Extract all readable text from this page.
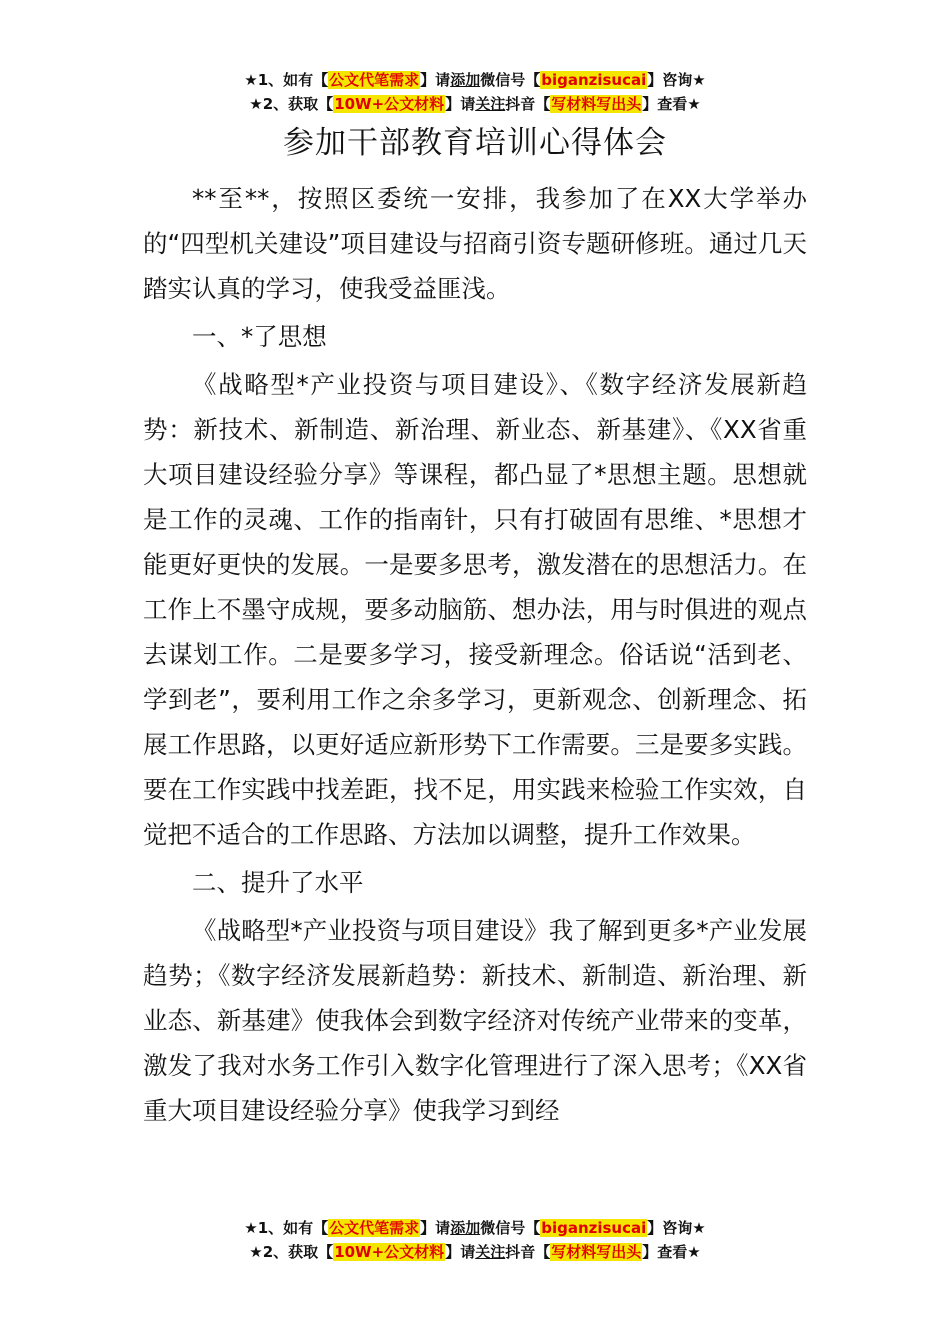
★1、如有【公文代笔需求】请添加微信号【biganzisucai】咨询★
★2、获取【10W+公文材料】请关注抖音【写材料写出头】查看★
参加干部教育培训心得体会

**至**，按照区委统一安排，我参加了在XX大学举办的“四型机关建设”项目建设与招商引资专题研修班。通过几天踏实认真的学习，使我受益匪浅。

一、*了思想

《战略型*产业投资与项目建设》、《数字经济发展新趋势：新技术、新制造、新治理、新业态、新基建》、《XX省重大项目建设经验分享》等课程，都凸显了*思想主题。思想就是工作的灵魂、工作的指南针，只有打破固有思维、*思想才能更好更快的发展。一是要多思考，激发潜在的思想活力。在工作上不墨守成规，要多动脑筋、想办法，用与时俱进的观点去谋划工作。二是要多学习，接受新理念。俗话说“活到老、学到老”，要利用工作之余多学习，更新观念、创新理念、拓展工作思路，以更好适应新形势下工作需要。三是要多实践。要在工作实践中找差距，找不足，用实践来检验工作实效，自觉把不适合的工作思路、方法加以调整，提升工作效果。

二、提升了水平

《战略型*产业投资与项目建设》我了解到更多*产业发展趋势；《数字经济发展新趋势：新技术、新制造、新治理、新业态、新基建》使我体会到数字经济对传统产业带来的变革，激发了我对水务工作引入数字化管理进行了深入思考；《XX省重大项目建设经验分享》使我学习到经

★1、如有【公文代笔需求】请添加微信号【biganzisucai】咨询★
★2、获取【10W+公文材料】请关注抖音【写材料写出头】查看★
